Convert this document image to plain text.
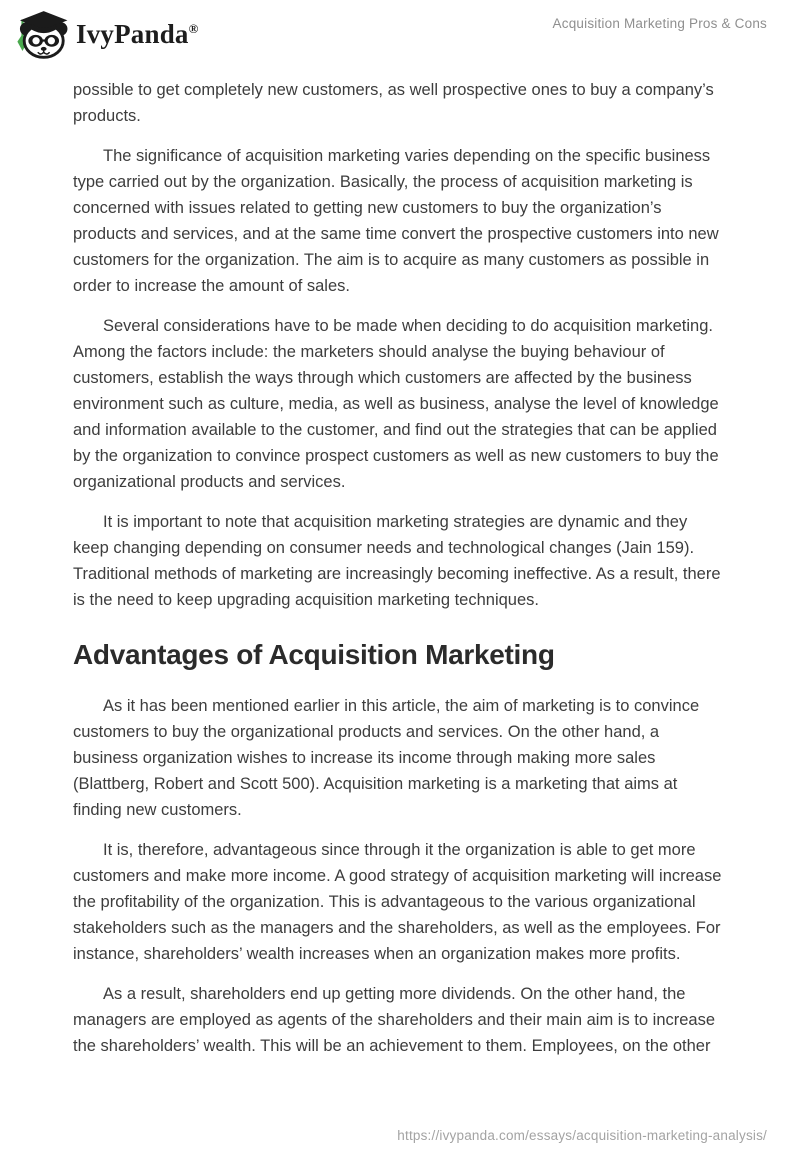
IvyPanda®	Acquisition Marketing Pros & Cons

possible to get completely new customers, as well prospective ones to buy a company’s products.

The significance of acquisition marketing varies depending on the specific business type carried out by the organization. Basically, the process of acquisition marketing is concerned with issues related to getting new customers to buy the organization’s products and services, and at the same time convert the prospective customers into new customers for the organization. The aim is to acquire as many customers as possible in order to increase the amount of sales.

Several considerations have to be made when deciding to do acquisition marketing. Among the factors include: the marketers should analyse the buying behaviour of customers, establish the ways through which customers are affected by the business environment such as culture, media, as well as business, analyse the level of knowledge and information available to the customer, and find out the strategies that can be applied by the organization to convince prospect customers as well as new customers to buy the organizational products and services.

It is important to note that acquisition marketing strategies are dynamic and they keep changing depending on consumer needs and technological changes (Jain 159). Traditional methods of marketing are increasingly becoming ineffective. As a result, there is the need to keep upgrading acquisition marketing techniques.

Advantages of Acquisition Marketing

As it has been mentioned earlier in this article, the aim of marketing is to convince customers to buy the organizational products and services. On the other hand, a business organization wishes to increase its income through making more sales (Blattberg, Robert and Scott 500). Acquisition marketing is a marketing that aims at finding new customers.

It is, therefore, advantageous since through it the organization is able to get more customers and make more income. A good strategy of acquisition marketing will increase the profitability of the organization. This is advantageous to the various organizational stakeholders such as the managers and the shareholders, as well as the employees. For instance, shareholders’ wealth increases when an organization makes more profits.

As a result, shareholders end up getting more dividends. On the other hand, the managers are employed as agents of the shareholders and their main aim is to increase the shareholders’ wealth. This will be an achievement to them. Employees, on the other

https://ivypanda.com/essays/acquisition-marketing-analysis/
